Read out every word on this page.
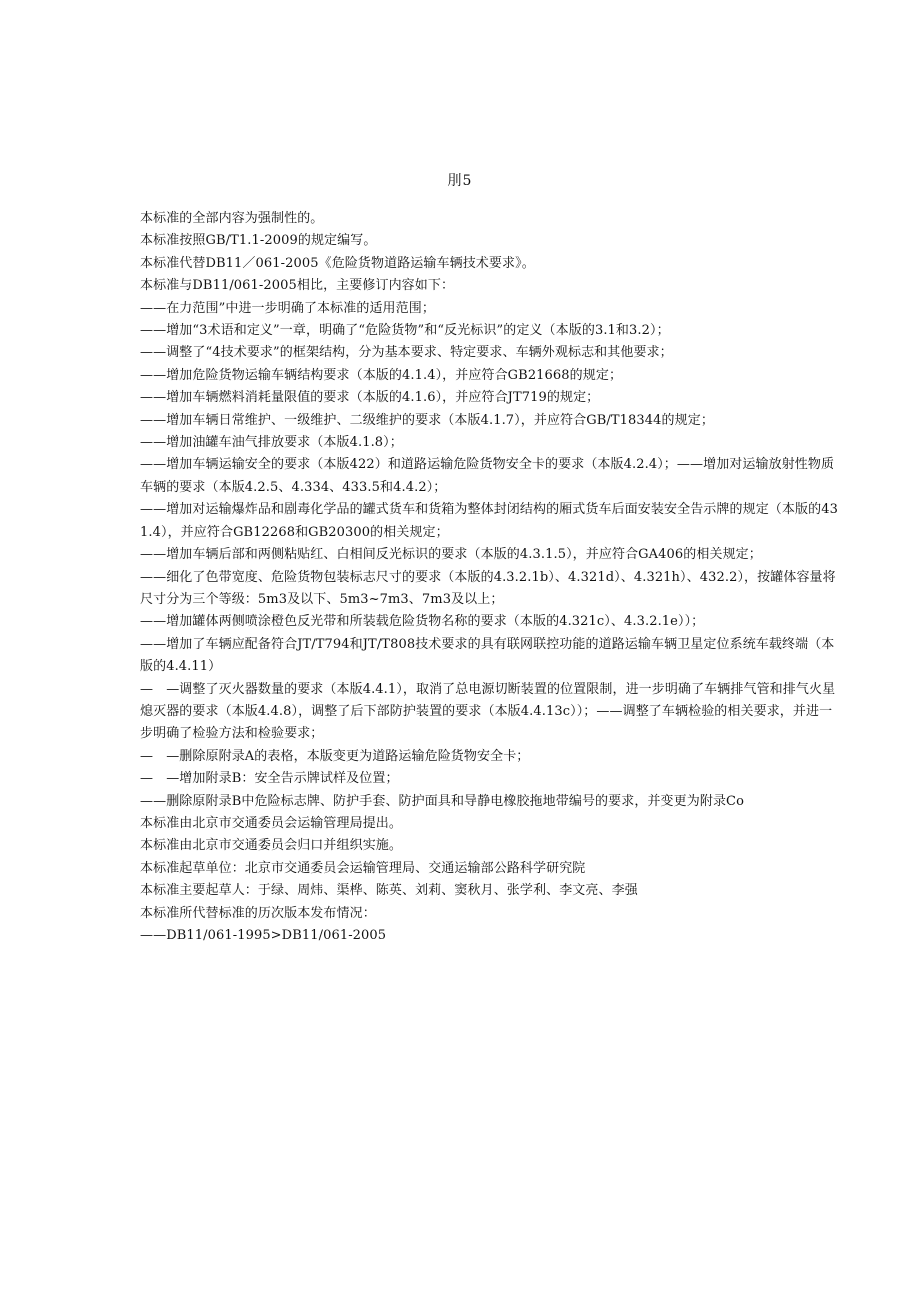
刖5

本标准的全部内容为强制性的。

本标准按照GB/T1.1-2009的规定编写。

本标准代替DB11／061-2005《危险货物道路运输车辆技术要求》。

本标准与DB11/061-2005相比，主要修订内容如下：

——在力范围”中进一步明确了本标准的适用范围；

——增加“3术语和定义”一章，明确了“危险货物”和“反光标识”的定义（本版的3.1和3.2）；

——调整了“4技术要求”的框架结构，分为基本要求、特定要求、车辆外观标志和其他要求；

——增加危险货物运输车辆结构要求（本版的4.1.4），并应符合GB21668的规定；

——增加车辆燃料消耗量限值的要求（本版的4.1.6），并应符合JT719的规定；

——增加车辆日常维护、一级维护、二级维护的要求（本版4.1.7），并应符合GB/T18344的规定；

——增加油罐车油气排放要求（本版4.1.8）；

——增加车辆运输安全的要求（本版422）和道路运输危险货物安全卡的要求（本版4.2.4）；——增加对运输放射性物质车辆的要求（本版4.2.5、4.334、433.5和4.4.2）；

——增加对运输爆炸品和剧毒化学品的罐式货车和货箱为整体封闭结构的厢式货车后面安装安全告示牌的规定（本版的431.4），并应符合GB12268和GB20300的相关规定；

——增加车辆后部和两侧粘贴红、白相间反光标识的要求（本版的4.3.1.5），并应符合GA406的相关规定；

——细化了色带宽度、危险货物包装标志尺寸的要求（本版的4.3.2.1b）、4.321d）、4.321h）、432.2），按罐体容量将尺寸分为三个等级：5m3及以下、5m3~7m3、7m3及以上；

——增加罐体两侧喷涂橙色反光带和所装载危险货物名称的要求（本版的4.321c）、4.3.2.1e））；

——增加了车辆应配备符合JT/T794和JT/T808技术要求的具有联网联控功能的道路运输车辆卫星定位系统车载终端（本版的4.4.11）

—　—调整了灭火器数量的要求（本版4.4.1），取消了总电源切断装置的位置限制，进一步明确了车辆排气管和排气火星熄灭器的要求（本版4.4.8），调整了后下部防护装置的要求（本版4.4.13c））；——调整了车辆检验的相关要求，并进一步明确了检验方法和检验要求；

—　—删除原附录A的表格，本版变更为道路运输危险货物安全卡；

—　—增加附录B：安全告示牌试样及位置；

——删除原附录B中危险标志牌、防护手套、防护面具和导静电橡胶拖地带编号的要求，并变更为附录Co

本标准由北京市交通委员会运输管理局提出。

本标准由北京市交通委员会归口并组织实施。

本标准起草单位：北京市交通委员会运输管理局、交通运输部公路科学研究院

本标准主要起草人：于绿、周炜、渠桦、陈英、刘莉、窦秋月、张学利、李文亮、李强

本标准所代替标准的历次版本发布情况：

——DB11/061-1995>DB11/061-2005
